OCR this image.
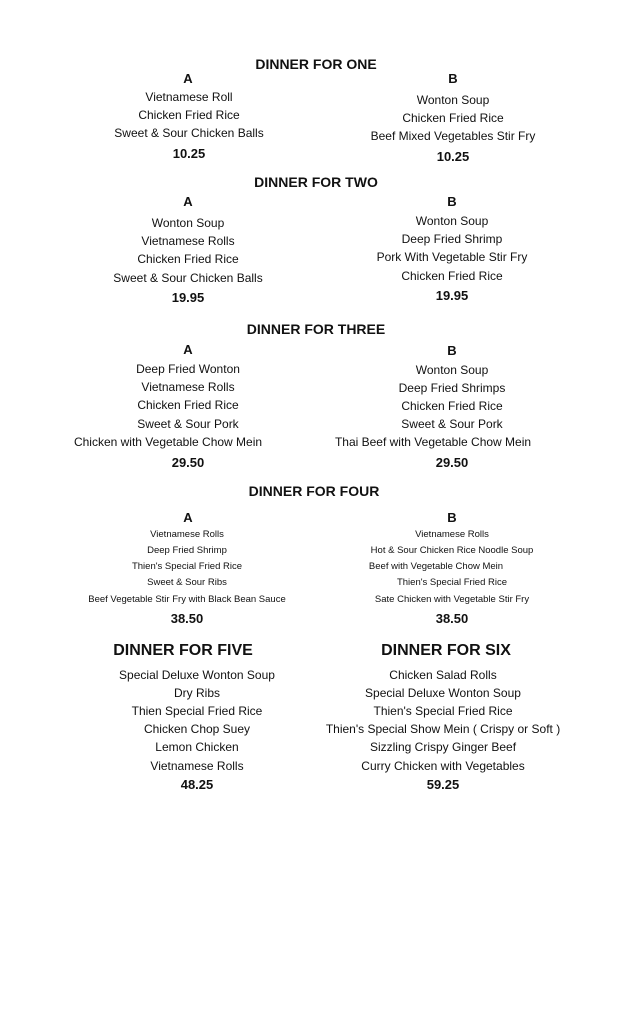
DINNER FOR ONE
A
Vietnamese Roll
Chicken Fried Rice
Sweet & Sour Chicken Balls
10.25
B
Wonton Soup
Chicken Fried Rice
Beef Mixed Vegetables Stir Fry
10.25
DINNER FOR TWO
A
Wonton Soup
Vietnamese Rolls
Chicken Fried Rice
Sweet & Sour Chicken Balls
19.95
B
Wonton Soup
Deep Fried Shrimp
Pork With Vegetable Stir Fry
Chicken Fried Rice
19.95
DINNER FOR THREE
A
Deep Fried Wonton
Vietnamese Rolls
Chicken Fried Rice
Sweet & Sour Pork
Chicken with Vegetable Chow Mein
29.50
B
Wonton Soup
Deep Fried Shrimps
Chicken Fried Rice
Sweet & Sour Pork
Thai Beef with Vegetable Chow Mein
29.50
DINNER FOR FOUR
A
Vietnamese Rolls
Deep Fried Shrimp
Thien's Special Fried Rice
Sweet & Sour Ribs
Beef Vegetable Stir Fry with Black Bean Sauce
38.50
B
Vietnamese Rolls
Hot & Sour Chicken Rice Noodle Soup
Beef with Vegetable Chow Mein
Thien's Special Fried Rice
Sate Chicken with Vegetable Stir Fry
38.50
DINNER FOR FIVE
Special Deluxe Wonton Soup
Dry Ribs
Thien Special Fried Rice
Chicken Chop Suey
Lemon Chicken
Vietnamese Rolls
48.25
DINNER FOR SIX
Chicken Salad Rolls
Special Deluxe Wonton Soup
Thien's Special Fried Rice
Thien's Special Show Mein ( Crispy or Soft )
Sizzling Crispy Ginger Beef
Curry Chicken with Vegetables
59.25
